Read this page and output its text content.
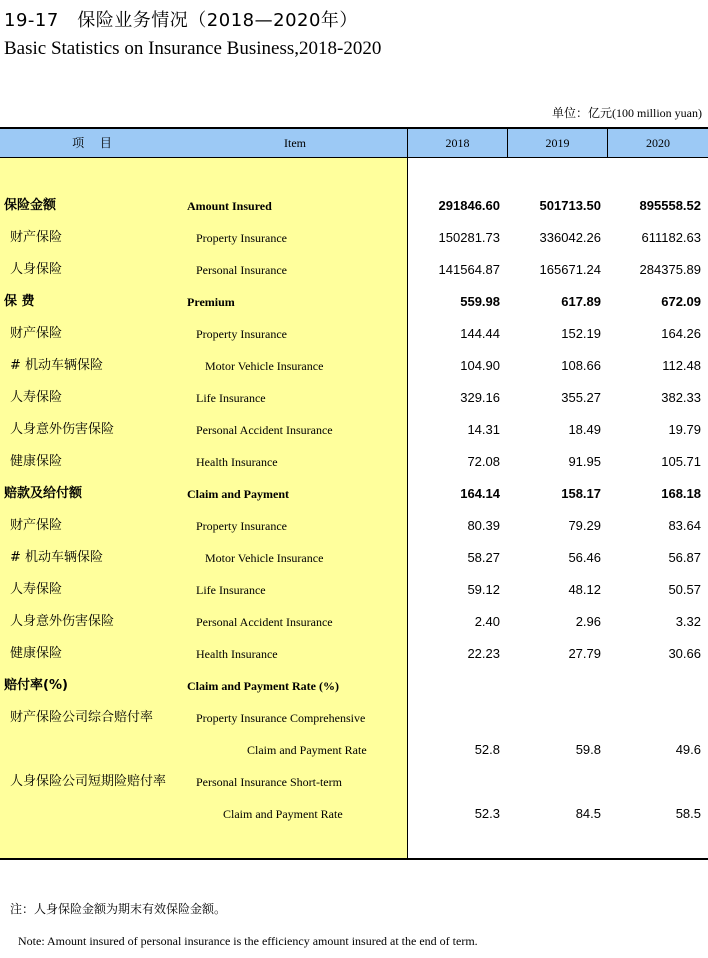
19-17　保险业务情况（2018—2020年）
Basic Statistics on Insurance Business,2018-2020
单位：亿元(100 million yuan)
项 目	Item	2018	2019	2020
保险金额	Amount Insured	291846.60	501713.50	895558.52
财产保险	Property Insurance	150281.73	336042.26	611182.63
人身保险	Personal Insurance	141564.87	165671.24	284375.89
保 费	Premium	559.98	617.89	672.09
财产保险	Property Insurance	144.44	152.19	164.26
# 机动车辆保险	Motor Vehicle Insurance	104.90	108.66	112.48
人寿保险	Life Insurance	329.16	355.27	382.33
人身意外伤害保险	Personal Accident Insurance	14.31	18.49	19.79
健康保险	Health Insurance	72.08	91.95	105.71
赔款及给付额	Claim and Payment	164.14	158.17	168.18
财产保险	Property Insurance	80.39	79.29	83.64
# 机动车辆保险	Motor Vehicle Insurance	58.27	56.46	56.87
人寿保险	Life Insurance	59.12	48.12	50.57
人身意外伤害保险	Personal Accident Insurance	2.40	2.96	3.32
健康保险	Health Insurance	22.23	27.79	30.66
赔付率(%)	Claim and Payment Rate (%)
财产保险公司综合赔付率	Property Insurance Comprehensive
Claim and Payment Rate	52.8	59.8	49.6
人身保险公司短期险赔付率 Personal Insurance Short-term
Claim and Payment Rate	52.3	84.5	58.5
注：人身保险金额为期末有效保险金额。
Note: Amount insured of personal insurance is the efficiency amount insured at the end of term.
